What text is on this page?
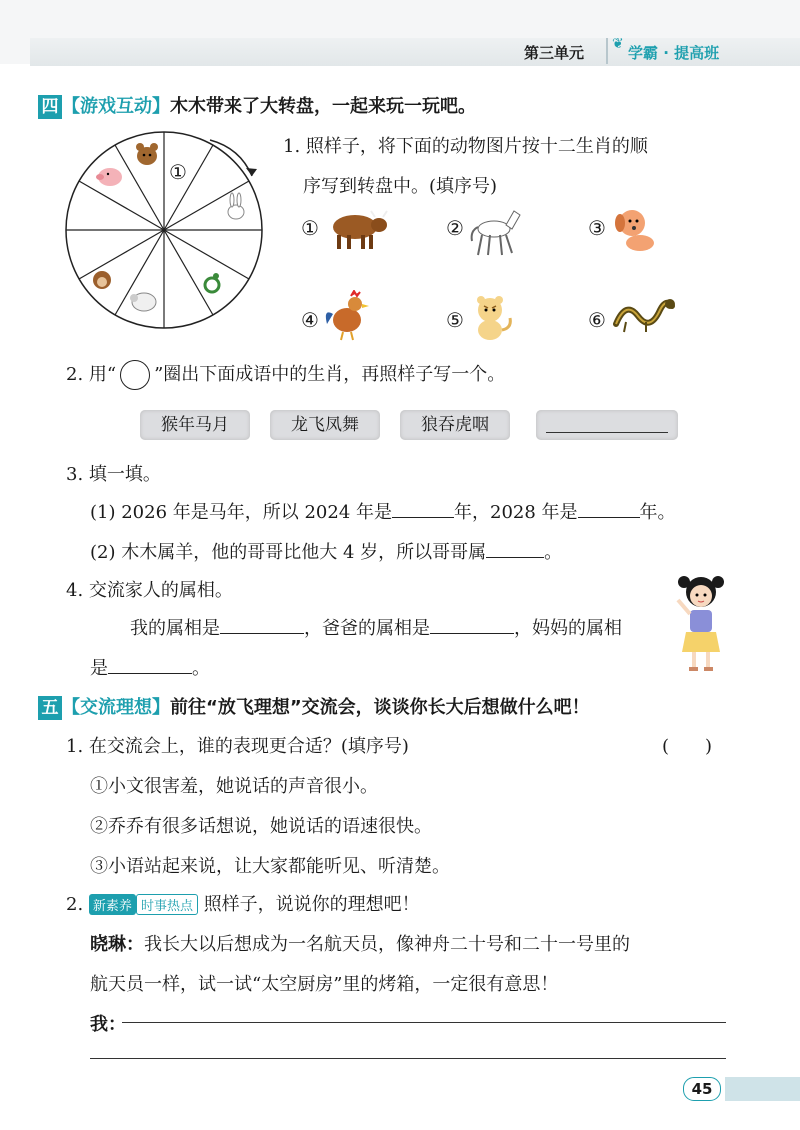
第三单元 ❦ 学霸 · 提高班
四 【游戏互动】木木带来了大转盘，一起来玩一玩吧。
①
1. 照样子，将下面的动物图片按十二生肖的顺
序写到转盘中。(填序号)
①	②	③
④	⑤	⑥
2. 用“ ”圈出下面成语中的生肖，再照样子写一个。
猴年马月	龙飞凤舞	狼吞虎咽
3. 填一填。
(1) 2026 年是马年，所以 2024 年是	年，2028 年是	年。
(2) 木木属羊，他的哥哥比他大 4 岁，所以哥哥属	。
4. 交流家人的属相。
我的属相是	，爸爸的属相是	，妈妈的属相
是	。
五 【交流理想】前往“放飞理想”交流会，谈谈你长大后想做什么吧！
1. 在交流会上，谁的表现更合适？(填序号)	(　　)
①小文很害羞，她说话的声音很小。
②乔乔有很多话想说，她说话的语速很快。
③小语站起来说，让大家都能听见、听清楚。
2. 新素养 时事热点 照样子，说说你的理想吧！
晓琳：我长大以后想成为一名航天员，像神舟二十号和二十一号里的
航天员一样，试一试“太空厨房”里的烤箱，一定很有意思！
我：
45
